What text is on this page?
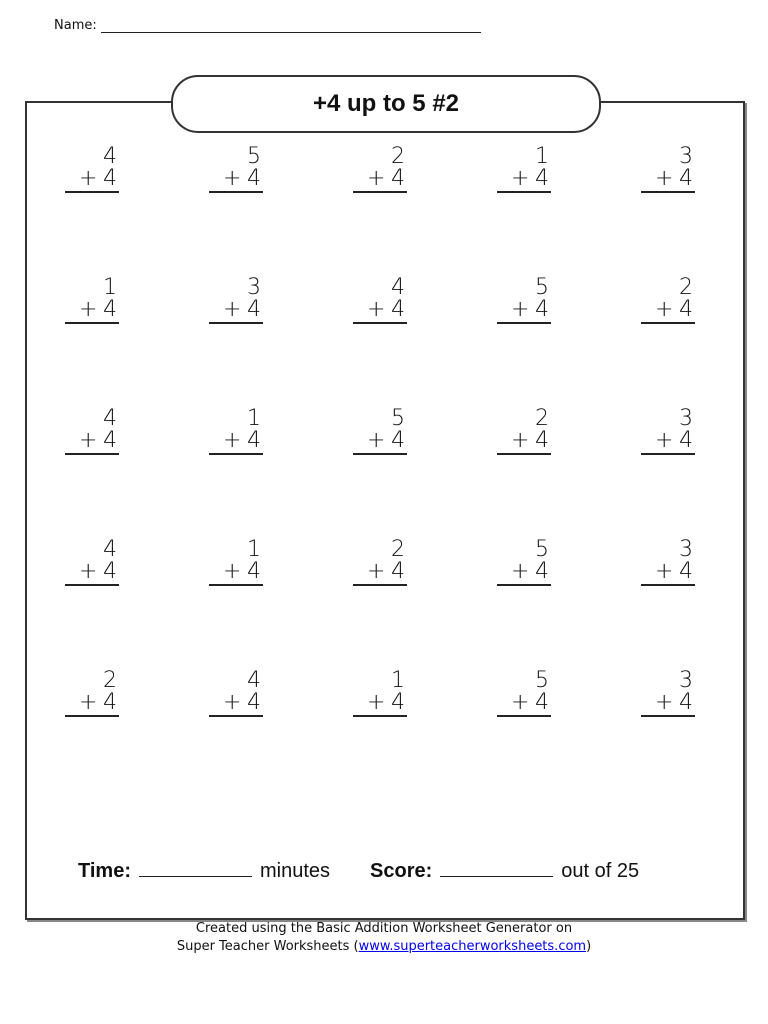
Name:
+4 up to 5 #2
4
+ 4
5
+ 4
2
+ 4
1
+ 4
3
+ 4
1
+ 4
3
+ 4
4
+ 4
5
+ 4
2
+ 4
4
+ 4
1
+ 4
5
+ 4
2
+ 4
3
+ 4
4
+ 4
1
+ 4
2
+ 4
5
+ 4
3
+ 4
2
+ 4
4
+ 4
1
+ 4
5
+ 4
3
+ 4
Time:	minutes Score:	out of 25
Created using the Basic Addition Worksheet Generator on
Super Teacher Worksheets (www.superteacherworksheets.com)
